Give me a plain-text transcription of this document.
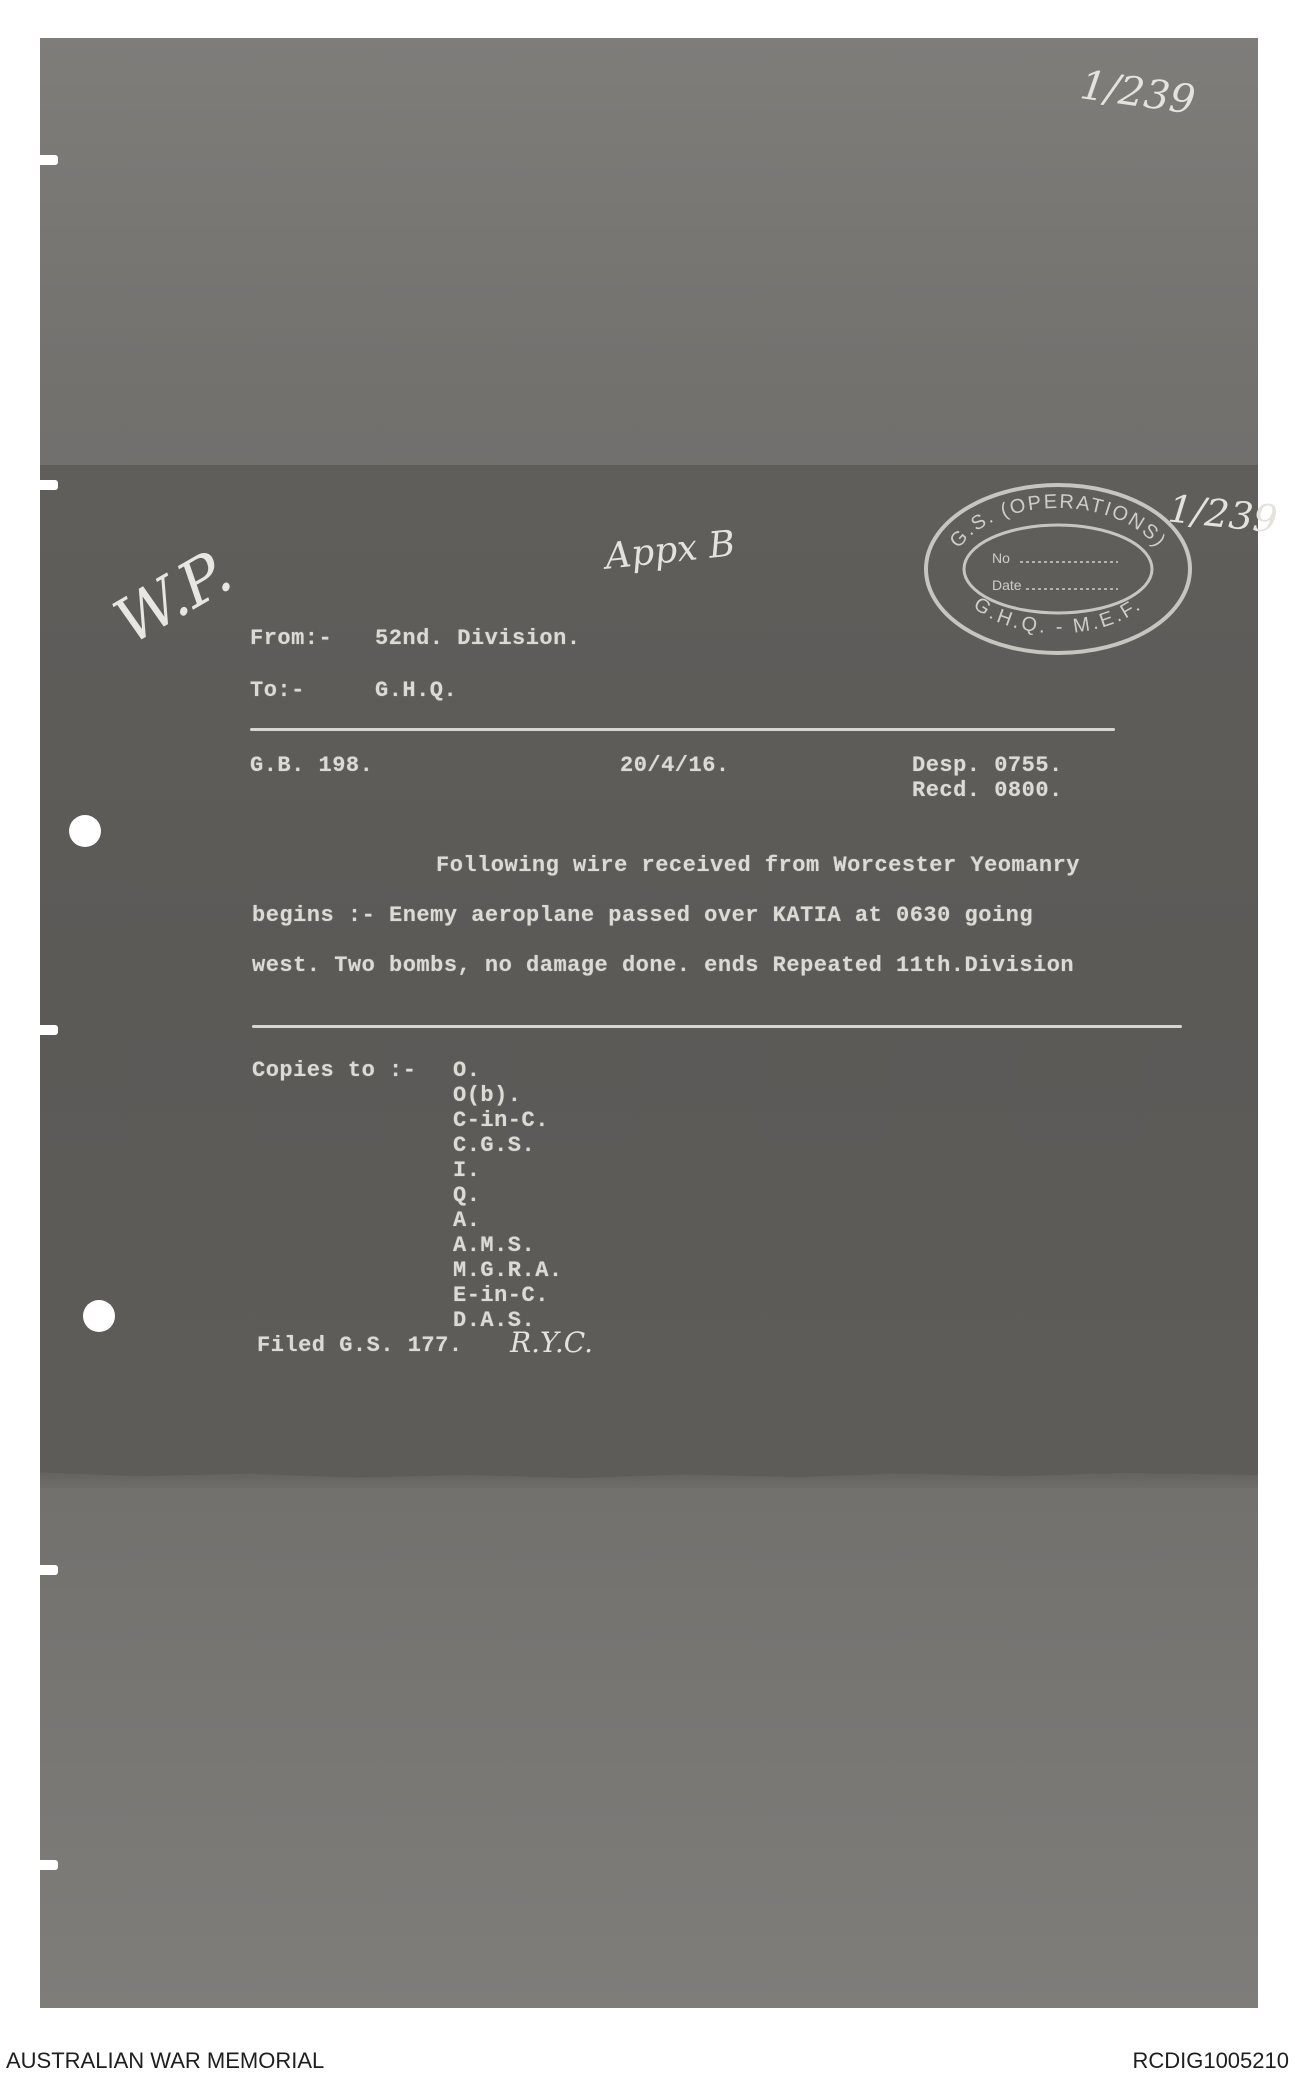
1/239
Appx B
W.P.
1/239
G.S. (OPERATIONS)
G.H.Q. - M.E.F.
No
Date
From:- 52nd. Division.
To:-	G.H.Q.
G.B. 198.	20/4/16.	Desp. 0755.
Recd. 0800.
Following wire received from Worcester Yeomanry
begins :- Enemy aeroplane passed over KATIA at 0630 going
west. Two bombs, no damage done. ends Repeated 11th.Division
Copies to :- O.
O(b).
C-in-C.
C.G.S.
I.
Q.
A.
A.M.S.
M.G.R.A.
E-in-C.
D.A.S.
Filed G.S. 177. R.Y.C.
AUSTRALIAN WAR MEMORIAL	RCDIG1005210
